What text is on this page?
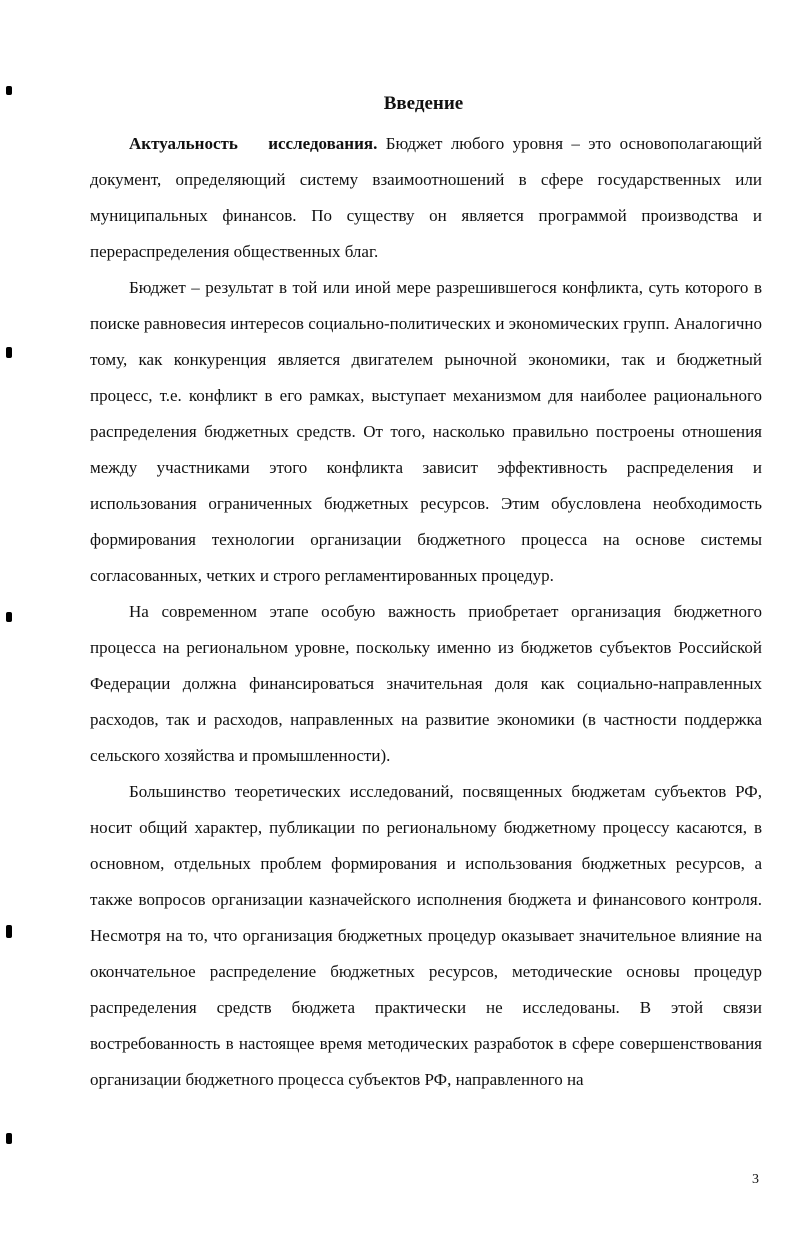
Введение

Актуальность исследования. Бюджет любого уровня – это основополагающий документ, определяющий систему взаимоотношений в сфере государственных или муниципальных финансов. По существу он является программой производства и перераспределения общественных благ.

Бюджет – результат в той или иной мере разрешившегося конфликта, суть которого в поиске равновесия интересов социально-политических и экономических групп. Аналогично тому, как конкуренция является двигателем рыночной экономики, так и бюджетный процесс, т.е. конфликт в его рамках, выступает механизмом для наиболее рационального распределения бюджетных средств. От того, насколько правильно построены отношения между участниками этого конфликта зависит эффективность распределения и использования ограниченных бюджетных ресурсов. Этим обусловлена необходимость формирования технологии организации бюджетного процесса на основе системы согласованных, четких и строго регламентированных процедур.

На современном этапе особую важность приобретает организация бюджетного процесса на региональном уровне, поскольку именно из бюджетов субъектов Российской Федерации должна финансироваться значительная доля как социально-направленных расходов, так и расходов, направленных на развитие экономики (в частности поддержка сельского хозяйства и промышленности).

Большинство теоретических исследований, посвященных бюджетам субъектов РФ, носит общий характер, публикации по региональному бюджетному процессу касаются, в основном, отдельных проблем формирования и использования бюджетных ресурсов, а также вопросов организации казначейского исполнения бюджета и финансового контроля. Несмотря на то, что организация бюджетных процедур оказывает значительное влияние на окончательное распределение бюджетных ресурсов, методические основы процедур распределения средств бюджета практически не исследованы. В этой связи востребованность в настоящее время методических разработок в сфере совершенствования организации бюджетного процесса субъектов РФ, направленного на

3
